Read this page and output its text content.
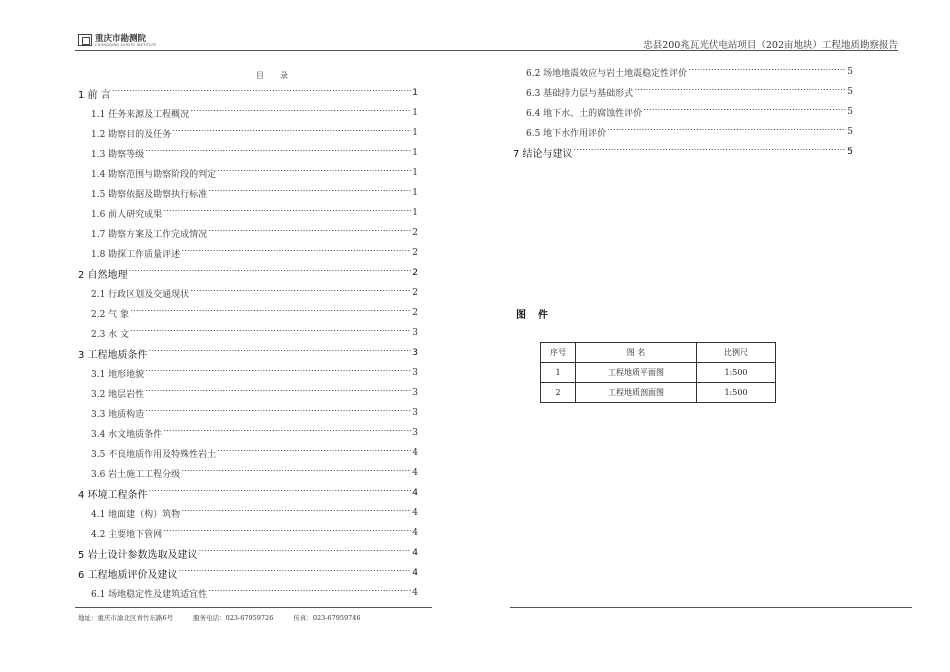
重庆市勘测院
CHONGQING SURVEY INSTITUTE	忠县200兆瓦光伏电站项目（202亩地块）工程地质勘察报告
目 录
1 前 言 .....	1
1.1 任务来源及工程概况 .....	1
1.2 勘察目的及任务 .....	1
1.3 勘察等级 .....	1
1.4 勘察范围与勘察阶段的判定 .....	1
1.5 勘察依据及勘察执行标准 .....	1
1.6 前人研究成果 .....	1
1.7 勘察方案及工作完成情况 .....	2
1.8 勘探工作质量评述 .....	2
2 自然地理 .....	2
2.1 行政区划及交通现状 .....	2
2.2 气 象 .....	2
2.3 水 文 .....	3
3 工程地质条件 .....	3
3.1 地形地貌 .....	3
3.2 地层岩性 .....	3
3.3 地质构造 .....	3
3.4 水文地质条件 .....	3
3.5 不良地质作用及特殊性岩土 .....	4
3.6 岩土施工工程分级 .....	4
4 环境工程条件 .....	4
4.1 地面建（构）筑物 .....	4
4.2 主要地下管网 .....	4
5 岩土设计参数选取及建议 .....	4
6 工程地质评价及建议 .....	4
6.1 场地稳定性及建筑适宜性 .....	4
6.2 场地地震效应与岩土地震稳定性评价 .....	5
6.3 基础持力层与基础形式 .....	5
6.4 地下水、土的腐蚀性评价 .....	5
6.5 地下水作用评价 .....	5
7 结论与建议 .....	5
图 件
序号	图 名	比例尺
1	工程地质平面图	1:500
2	工程地质剖面图	1:500
地址：重庆市渝北区青竹东路6号	服务电话：023-67959726	传真：023-67959746
